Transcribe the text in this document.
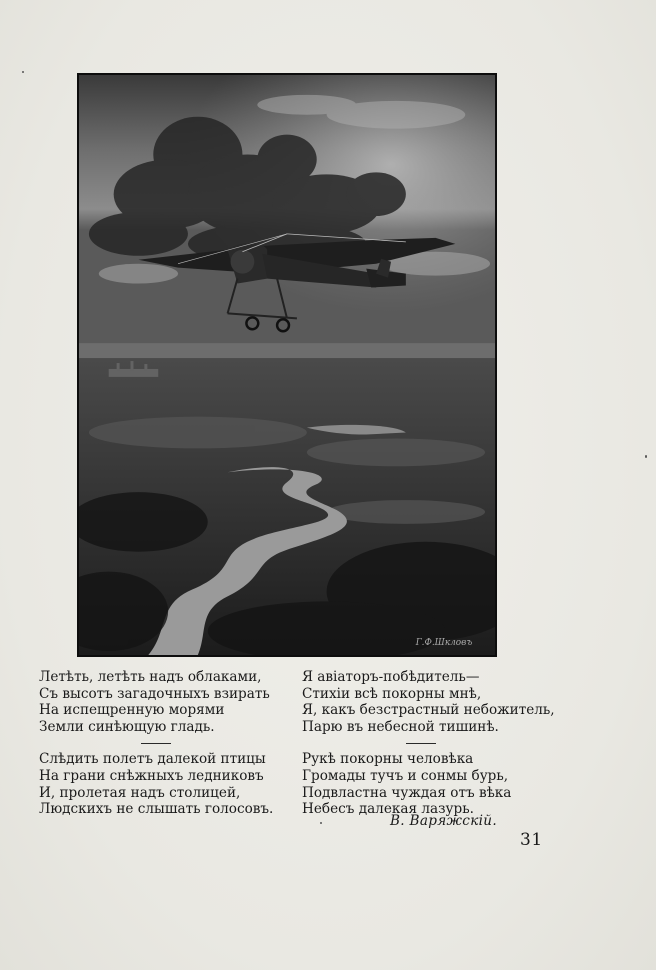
Г.Ф.Шкловъ
Летѣть, летѣть надъ облаками,
Съ высотъ загадочныхъ взирать
На испещренную морями
Земли синѣющую гладь.
Слѣдить полетъ далекой птицы
На грани снѣжныхъ ледниковъ
И, пролетая надъ столицей,
Людскихъ не слышать голосовъ.
Я авіаторъ-побѣдитель—
Стихіи всѣ покорны мнѣ,
Я, какъ безстрастный небожитель,
Парю въ небесной тишинѣ.
Рукѣ покорны человѣка
Громады тучъ и сонмы бурь,
Подвластна чуждая отъ вѣка
Небесъ далекая лазурь.
В. Варяжскій.
31
